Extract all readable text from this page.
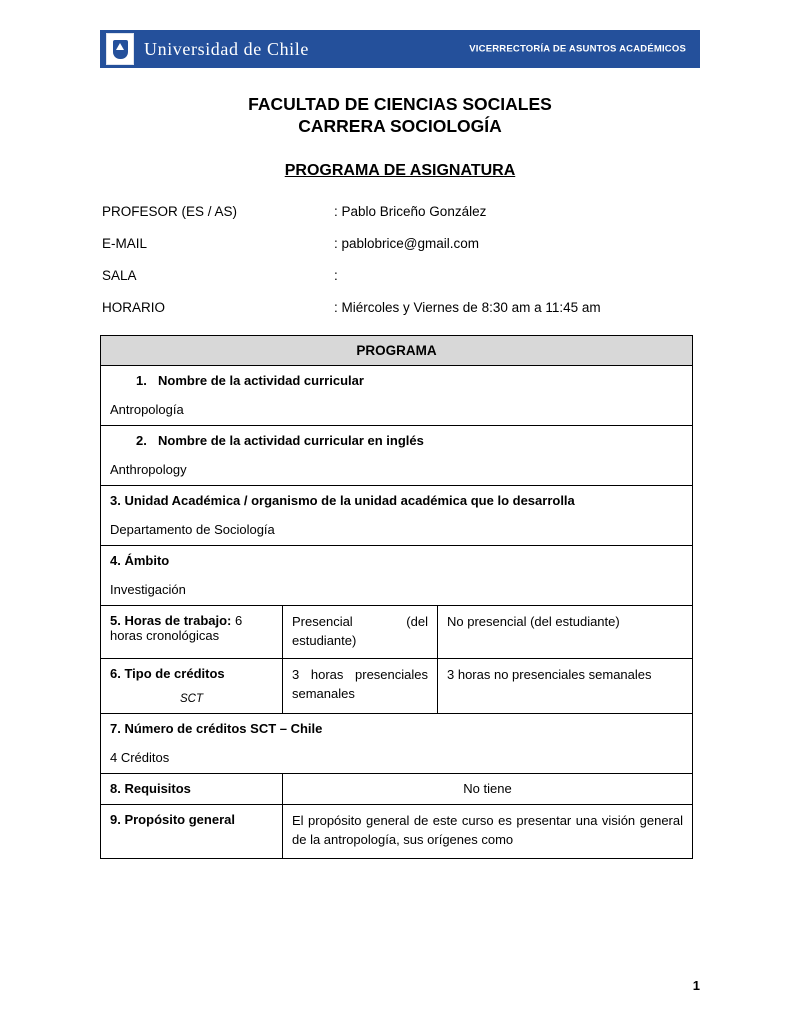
Universidad de Chile	VICERRECTORÍA DE ASUNTOS ACADÉMICOS
FACULTAD DE CIENCIAS SOCIALES
CARRERA SOCIOLOGÍA
PROGRAMA DE ASIGNATURA
PROFESOR (ES / AS)	: Pablo Briceño González
E-MAIL	: pablobrice@gmail.com
SALA	:
HORARIO	: Miércoles y Viernes de 8:30 am a 11:45 am
PROGRAMA		

1. Nombre de la actividad curricular
Antropología		

2. Nombre de la actividad curricular en inglés
Anthropology		

3. Unidad Académica / organismo de la unidad académica que lo desarrolla
Departamento de Sociología		

4. Ámbito
Investigación		

5. Horas de trabajo: 6 horas cronológicas	Presencial (del estudiante)	No presencial (del estudiante)
6. Tipo de créditos
SCT	3 horas presenciales semanales	3 horas no presenciales semanales

7. Número de créditos SCT – Chile
4 Créditos		

8. Requisitos	No tiene	
9. Propósito general	El propósito general de este curso es presentar una visión general de la antropología, sus orígenes como	
1
